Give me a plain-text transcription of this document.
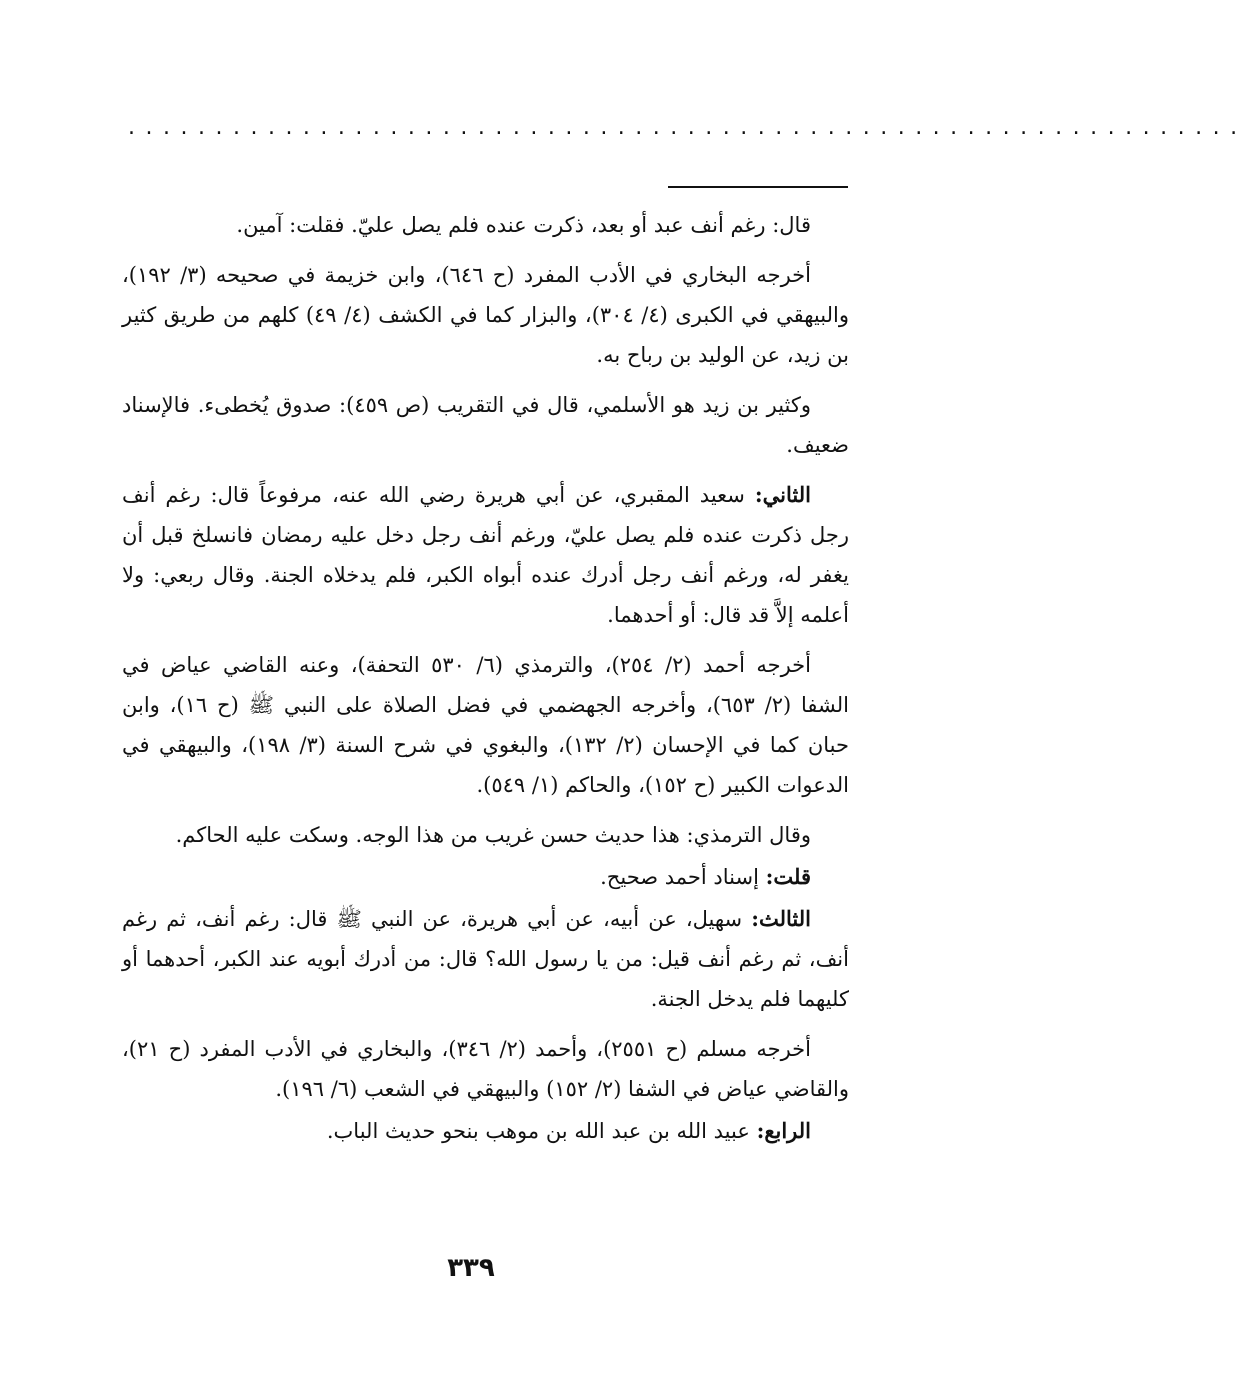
................................................................

قال: رغم أنف عبد أو بعد، ذكرت عنده فلم يصل عليّ. فقلت: آمين.

أخرجه البخاري في الأدب المفرد (ح ٦٤٦)، وابن خزيمة في صحيحه (٣/ ١٩٢)، والبيهقي في الكبرى (٤/ ٣٠٤)، والبزار كما في الكشف (٤/ ٤٩) كلهم من طريق كثير بن زيد، عن الوليد بن رباح به.

وكثير بن زيد هو الأسلمي، قال في التقريب (ص ٤٥٩): صدوق يُخطىء. فالإسناد ضعيف.

الثاني: سعيد المقبري، عن أبي هريرة رضي الله عنه، مرفوعاً قال: رغم أنف رجل ذكرت عنده فلم يصل عليّ، ورغم أنف رجل دخل عليه رمضان فانسلخ قبل أن يغفر له، ورغم أنف رجل أدرك عنده أبواه الكبر، فلم يدخلاه الجنة. وقال ربعي: ولا أعلمه إلاَّ قد قال: أو أحدهما.

أخرجه أحمد (٢/ ٢٥٤)، والترمذي (٦/ ٥٣٠ التحفة)، وعنه القاضي عياض في الشفا (٢/ ٦٥٣)، وأخرجه الجهضمي في فضل الصلاة على النبي ﷺ (ح ١٦)، وابن حبان كما في الإحسان (٢/ ١٣٢)، والبغوي في شرح السنة (٣/ ١٩٨)، والبيهقي في الدعوات الكبير (ح ١٥٢)، والحاكم (١/ ٥٤٩).

وقال الترمذي: هذا حديث حسن غريب من هذا الوجه. وسكت عليه الحاكم.

قلت: إسناد أحمد صحيح.

الثالث: سهيل، عن أبيه، عن أبي هريرة، عن النبي ﷺ قال: رغم أنف، ثم رغم أنف، ثم رغم أنف قيل: من يا رسول الله؟ قال: من أدرك أبويه عند الكبر، أحدهما أو كليهما فلم يدخل الجنة.

أخرجه مسلم (ح ٢٥٥١)، وأحمد (٢/ ٣٤٦)، والبخاري في الأدب المفرد (ح ٢١)، والقاضي عياض في الشفا (٢/ ١٥٢) والبيهقي في الشعب (٦/ ١٩٦).

الرابع: عبيد الله بن عبد الله بن موهب بنحو حديث الباب.

٣٣٩
